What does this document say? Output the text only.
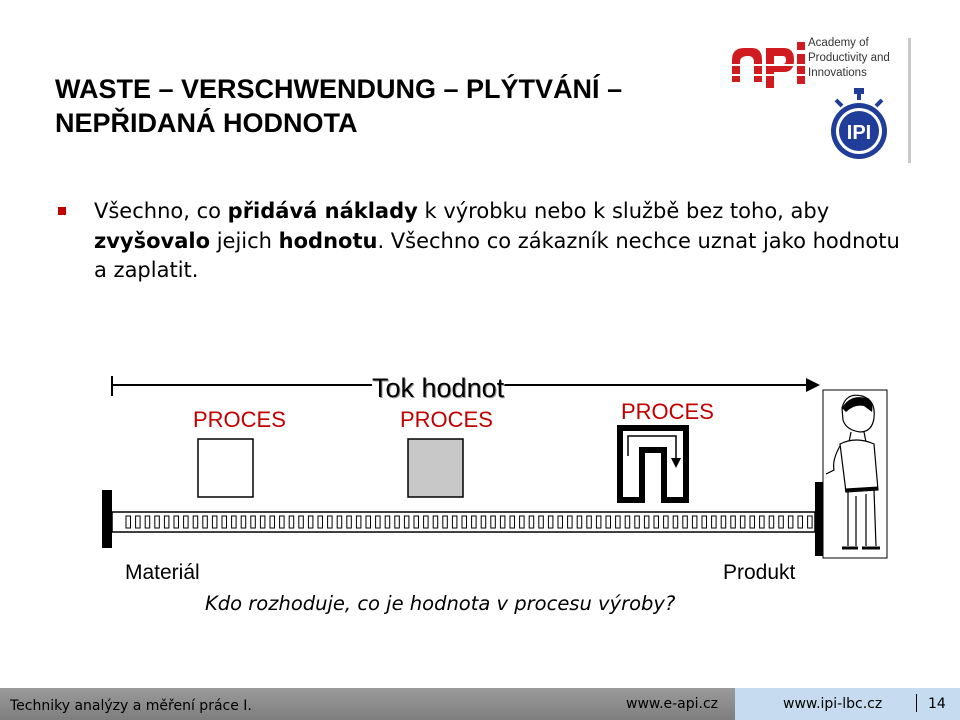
WASTE – VERSCHWENDUNG – PLÝTVÁNÍ –
NEPŘIDANÁ HODNOTA
Academy of
Productivity and
Innovations
IPI
Všechno, co přidává náklady k výrobku nebo k službě bez toho, aby zvyšovalo jejich hodnotu. Všechno co zákazník nechce uznat jako hodnotu a zaplatit.
Tok hodnot
PROCES	PROCES	PROCES
Materiál	Produkt
Kdo rozhoduje, co je hodnota v procesu výroby?
Techniky analýzy a měření práce I.	www.e-api.cz	www.ipi-lbc.cz	14
